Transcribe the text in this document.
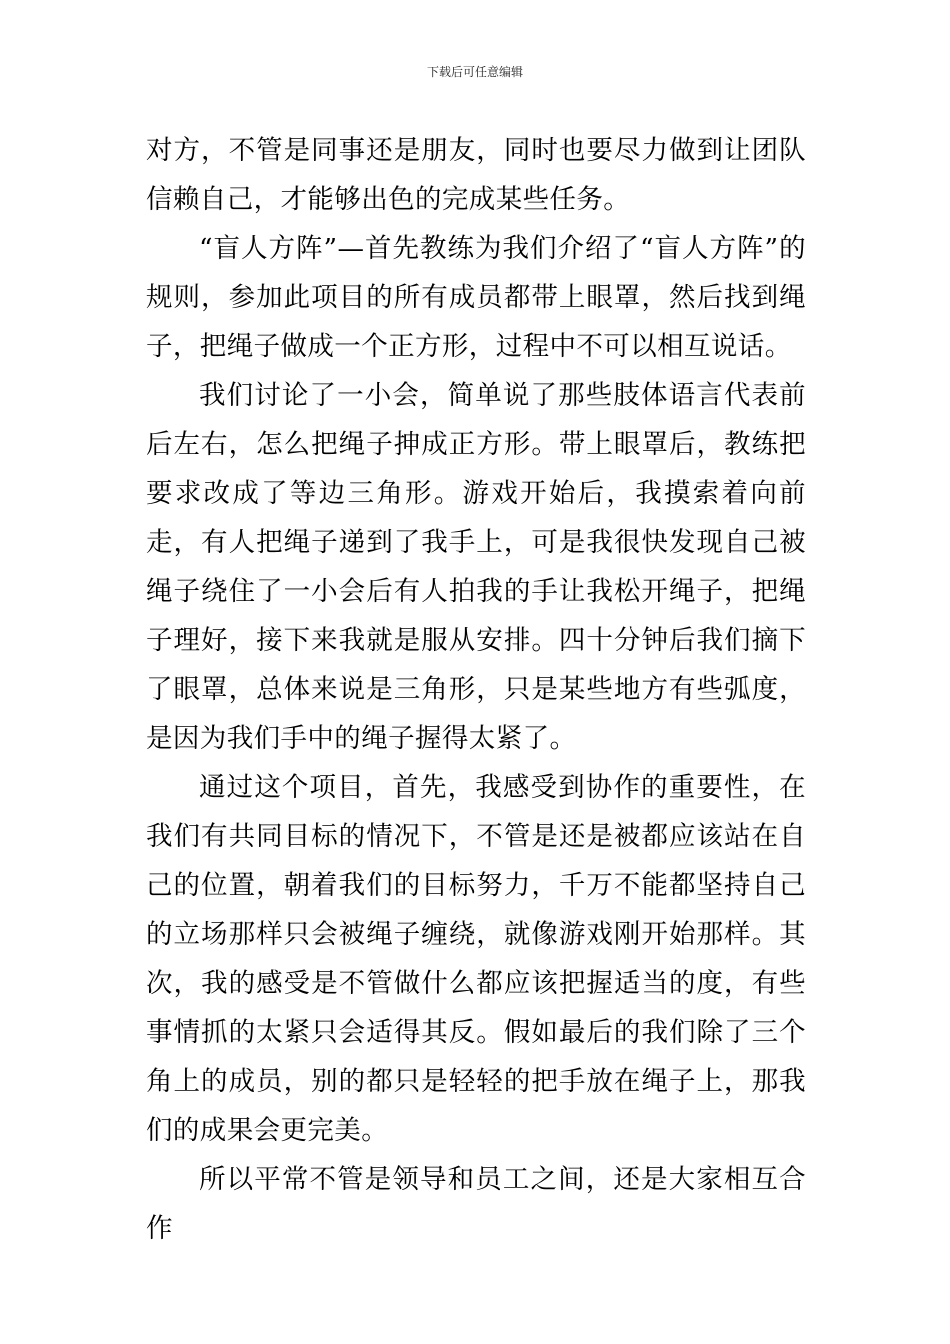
下载后可任意编辑

对方，不管是同事还是朋友，同时也要尽力做到让团队信赖自己，才能够出色的完成某些任务。

“盲人方阵”—首先教练为我们介绍了“盲人方阵”的规则，参加此项目的所有成员都带上眼罩，然后找到绳子，把绳子做成一个正方形，过程中不可以相互说话。

我们讨论了一小会，简单说了那些肢体语言代表前后左右，怎么把绳子抻成正方形。带上眼罩后，教练把要求改成了等边三角形。游戏开始后，我摸索着向前走，有人把绳子递到了我手上，可是我很快发现自己被绳子绕住了一小会后有人拍我的手让我松开绳子，把绳子理好，接下来我就是服从安排。四十分钟后我们摘下了眼罩，总体来说是三角形，只是某些地方有些弧度，是因为我们手中的绳子握得太紧了。

通过这个项目，首先，我感受到协作的重要性，在我们有共同目标的情况下，不管是还是被都应该站在自己的位置，朝着我们的目标努力，千万不能都坚持自己的立场那样只会被绳子缠绕，就像游戏刚开始那样。其次，我的感受是不管做什么都应该把握适当的度，有些事情抓的太紧只会适得其反。假如最后的我们除了三个角上的成员，别的都只是轻轻的把手放在绳子上，那我们的成果会更完美。

所以平常不管是领导和员工之间，还是大家相互合作
